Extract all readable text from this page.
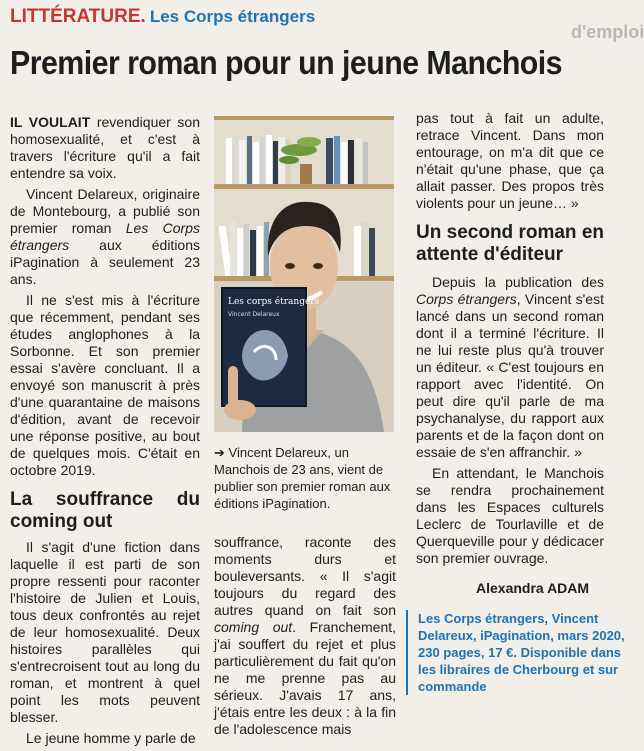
LITTÉRATURE. Les Corps étrangers
d'emploi
Premier roman pour un jeune Manchois

IL VOULAIT revendiquer son homosexualité, et c'est à travers l'écriture qu'il a fait entendre sa voix.

Vincent Delareux, originaire de Montebourg, a publié son premier roman Les Corps étrangers aux éditions iPagination à seulement 23 ans.

Il ne s'est mis à l'écriture que récemment, pendant ses études anglophones à la Sorbonne. Et son premier essai s'avère concluant. Il a envoyé son manuscrit à près d'une quarantaine de maisons d'édition, avant de recevoir une réponse positive, au bout de quelques mois. C'était en octobre 2019.

La souffrance du coming out

Il s'agit d'une fiction dans laquelle il est parti de son propre ressenti pour raconter l'histoire de Julien et Louis, tous deux confrontés au rejet de leur homosexualité. Deux histoires parallèles qui s'entrecroisent tout au long du roman, et montrent à quel point les mots peuvent blesser.

Le jeune homme y parle de

Les corps étrangers
Vincent Delareux
➔ Vincent Delareux, un Manchois de 23 ans, vient de publier son premier roman aux éditions iPagination.

souffrance, raconte des moments durs et bouleversants. « Il s'agit toujours du regard des autres quand on fait son coming out. Franchement, j'ai souffert du rejet et plus particulièrement du fait qu'on ne me prenne pas au sérieux. J'avais 17 ans, j'étais entre les deux : à la fin de l'adolescence mais

pas tout à fait un adulte, retrace Vincent. Dans mon entourage, on m'a dit que ce n'était qu'une phase, que ça allait passer. Des propos très violents pour un jeune… »

Un second roman en attente d'éditeur

Depuis la publication des Corps étrangers, Vincent s'est lancé dans un second roman dont il a terminé l'écriture. Il ne lui reste plus qu'à trouver un éditeur. « C'est toujours en rapport avec l'identité. On peut dire qu'il parle de ma psychanalyse, du rapport aux parents et de la façon dont on essaie de s'en affranchir. »

En attendant, le Manchois se rendra prochainement dans les Espaces culturels Leclerc de Tourlaville et de Querqueville pour y dédicacer son premier ouvrage.

Alexandra ADAM
Les Corps étrangers, Vincent Delareux, iPagination, mars 2020, 230 pages, 17 €. Disponible dans les libraires de Cherbourg et sur commande
